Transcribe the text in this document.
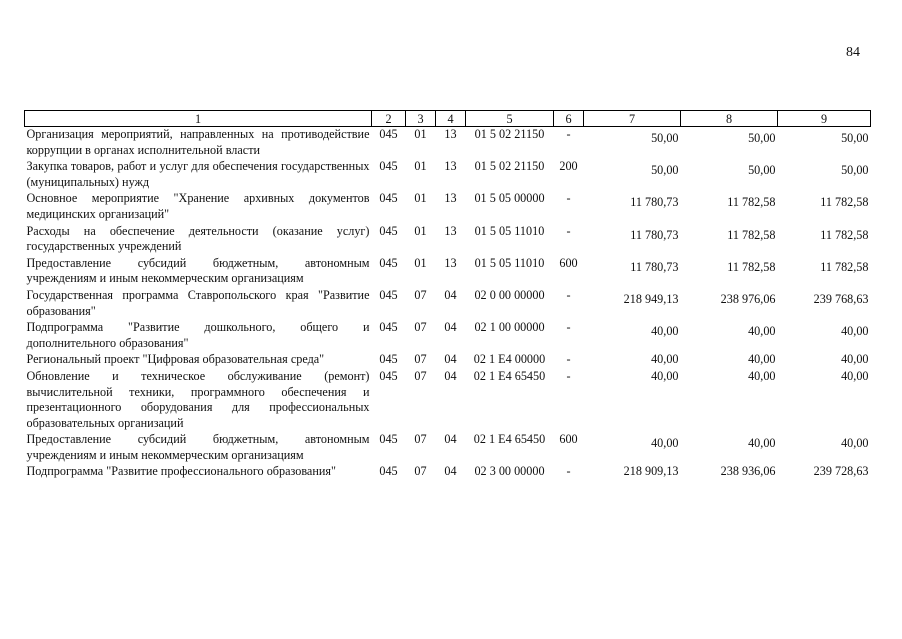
84
1	2	3	4	5	6	7	8	9
Организация мероприятий, направленных на противодействие коррупции в органах исполнительной власти	045	01	13	01 5 02 21150	-	50,00	50,00	50,00
Закупка товаров, работ и услуг для обеспечения государственных (муниципальных) нужд	045	01	13	01 5 02 21150	200	50,00	50,00	50,00
Основное мероприятие "Хранение архивных документов медицинских организаций"	045	01	13	01 5 05 00000	-	11 780,73	11 782,58	11 782,58
Расходы на обеспечение деятельности (оказание услуг) государственных учреждений	045	01	13	01 5 05 11010	-	11 780,73	11 782,58	11 782,58
Предоставление субсидий бюджетным, автономным учреждениям и иным некоммерческим организациям	045	01	13	01 5 05 11010	600	11 780,73	11 782,58	11 782,58
Государственная программа Ставропольского края "Развитие образования"	045	07	04	02 0 00 00000	-	218 949,13	238 976,06	239 768,63
Подпрограмма "Развитие дошкольного, общего и дополнительного образования"	045	07	04	02 1 00 00000	-	40,00	40,00	40,00
Региональный проект "Цифровая образовательная среда"	045	07	04	02 1 E4 00000	-	40,00	40,00	40,00
Обновление и техническое обслуживание (ремонт) вычислительной техники, программного обеспечения и презентационного оборудования для профессиональных образовательных организаций	045	07	04	02 1 E4 65450	-	40,00	40,00	40,00
Предоставление субсидий бюджетным, автономным учреждениям и иным некоммерческим организациям	045	07	04	02 1 E4 65450	600	40,00	40,00	40,00
Подпрограмма "Развитие профессионального образования"	045	07	04	02 3 00 00000	-	218 909,13	238 936,06	239 728,63
